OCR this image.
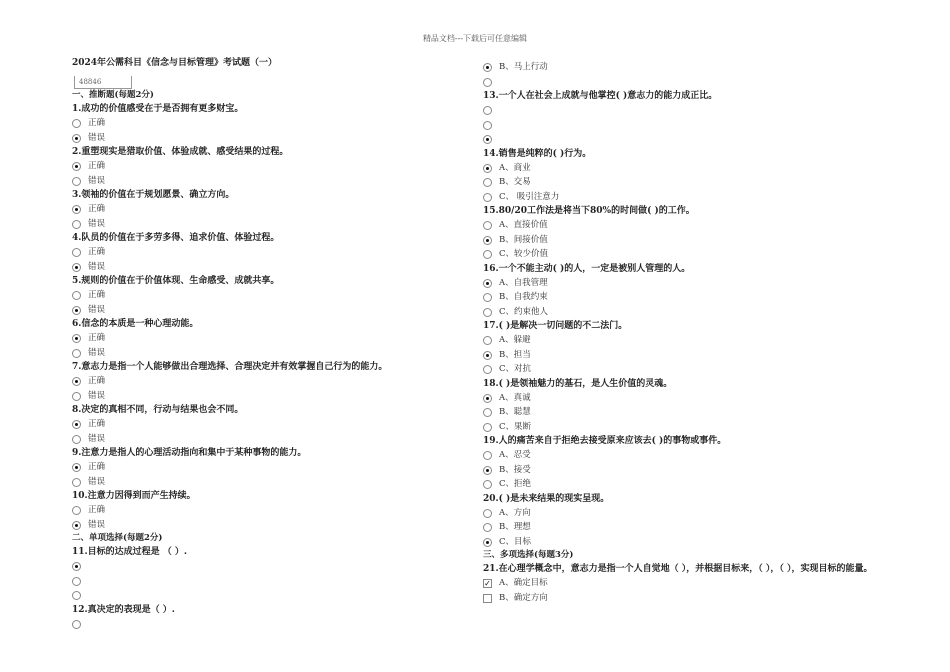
精品文档---下载后可任意编辑
2024年公需科目《信念与目标管理》考试题（一）
48846
一、推断题(每题2分)
1.成功的价值感受在于是否拥有更多财宝。
正确
错误
2.重塑现实是猎取价值、体验成就、感受结果的过程。
正确
错误
3.领袖的价值在于规划愿景、确立方向。
正确
错误
4.队员的价值在于多劳多得、追求价值、体验过程。
正确
错误
5.规则的价值在于价值体现、生命感受、成就共享。
正确
错误
6.信念的本质是一种心理动能。
正确
错误
7.意志力是指一个人能够做出合理选择、合理决定并有效掌握自己行为的能力。
正确
错误
8.决定的真相不同，行动与结果也会不同。
正确
错误
9.注意力是指人的心理活动指向和集中于某种事物的能力。
正确
错误
10.注意力因得到而产生持续。
正确
错误
二、单项选择(每题2分)
11.目标的达成过程是 （ ）.
12.真决定的表现是（ ）.
B、马上行动
13.一个人在社会上成就与他掌控( )意志力的能力成正比。
14.销售是纯粹的( )行为。
A、商业
B、交易
C、 吸引注意力
15.80/20工作法是将当下80%的时间做( )的工作。
A、直接价值
B、间接价值
C、较少价值
16.一个不能主动( )的人，一定是被别人管理的人。
A、自我管理
B、自我约束
C、约束他人
17.( )是解决一切问题的不二法门。
A、躲避
B、担当
C、对抗
18.( )是领袖魅力的基石，是人生价值的灵魂。
A、真诚
B、聪慧
C、果断
19.人的痛苦来自于拒绝去接受原来应该去( )的事物或事件。
A、忍受
B、接受
C、拒绝
20.( )是未来结果的现实呈现。
A、方向
B、理想
C、目标
三、多项选择(每题3分)
21.在心理学概念中，意志力是指一个人自觉地（ ），并根据目标来，（ ），（ ），实现目标的能量。
✓ A、确定目标
B、确定方向
